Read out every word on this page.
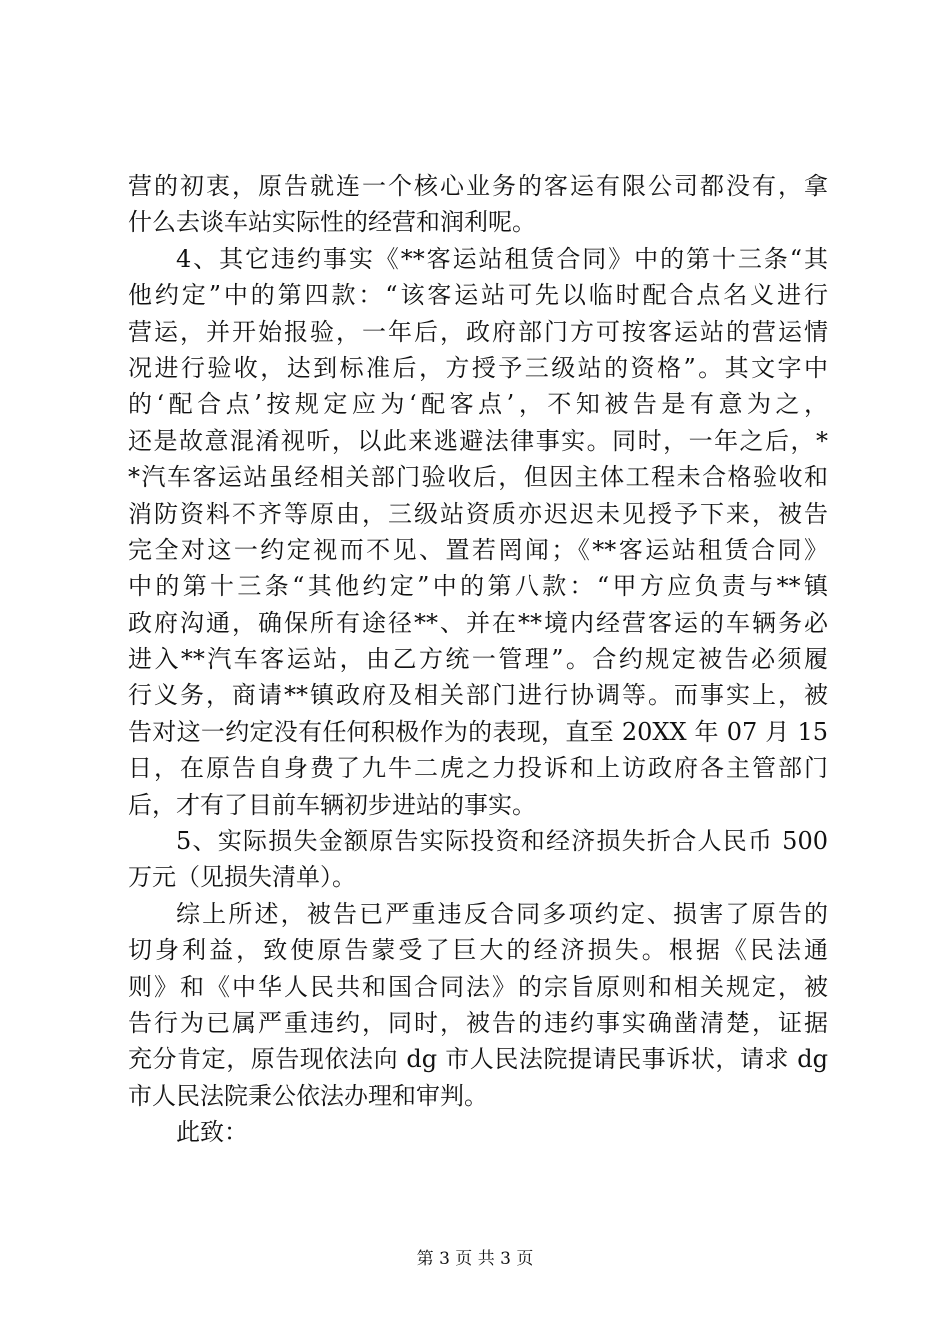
营的初衷，原告就连一个核心业务的客运有限公司都没有，拿
什么去谈车站实际性的经营和润利呢。
4、其它违约事实《**客运站租赁合同》中的第十三条“其
他约定”中的第四款：“该客运站可先以临时配合点名义进行
营运，并开始报验，一年后，政府部门方可按客运站的营运情
况进行验收，达到标准后，方授予三级站的资格”。其文字中
的‘配合点’按规定应为‘配客点’，不知被告是有意为之，
还是故意混淆视听，以此来逃避法律事实。同时，一年之后，*
*汽车客运站虽经相关部门验收后，但因主体工程未合格验收和
消防资料不齐等原由，三级站资质亦迟迟未见授予下来，被告
完全对这一约定视而不见、置若罔闻；《**客运站租赁合同》
中的第十三条“其他约定”中的第八款：“甲方应负责与**镇
政府沟通，确保所有途径**、并在**境内经营客运的车辆务必
进入**汽车客运站，由乙方统一管理”。合约规定被告必须履
行义务，商请**镇政府及相关部门进行协调等。而事实上，被
告对这一约定没有任何积极作为的表现，直至 20XX 年 07 月 15
日，在原告自身费了九牛二虎之力投诉和上访政府各主管部门
后，才有了目前车辆初步进站的事实。
5、实际损失金额原告实际投资和经济损失折合人民币 500
万元（见损失清单）。
综上所述，被告已严重违反合同多项约定、损害了原告的
切身利益，致使原告蒙受了巨大的经济损失。根据《民法通
则》和《中华人民共和国合同法》的宗旨原则和相关规定，被
告行为已属严重违约，同时，被告的违约事实确凿清楚，证据
充分肯定，原告现依法向 dg 市人民法院提请民事诉状，请求 dg
市人民法院秉公依法办理和审判。
此致：
第 3 页 共 3 页
